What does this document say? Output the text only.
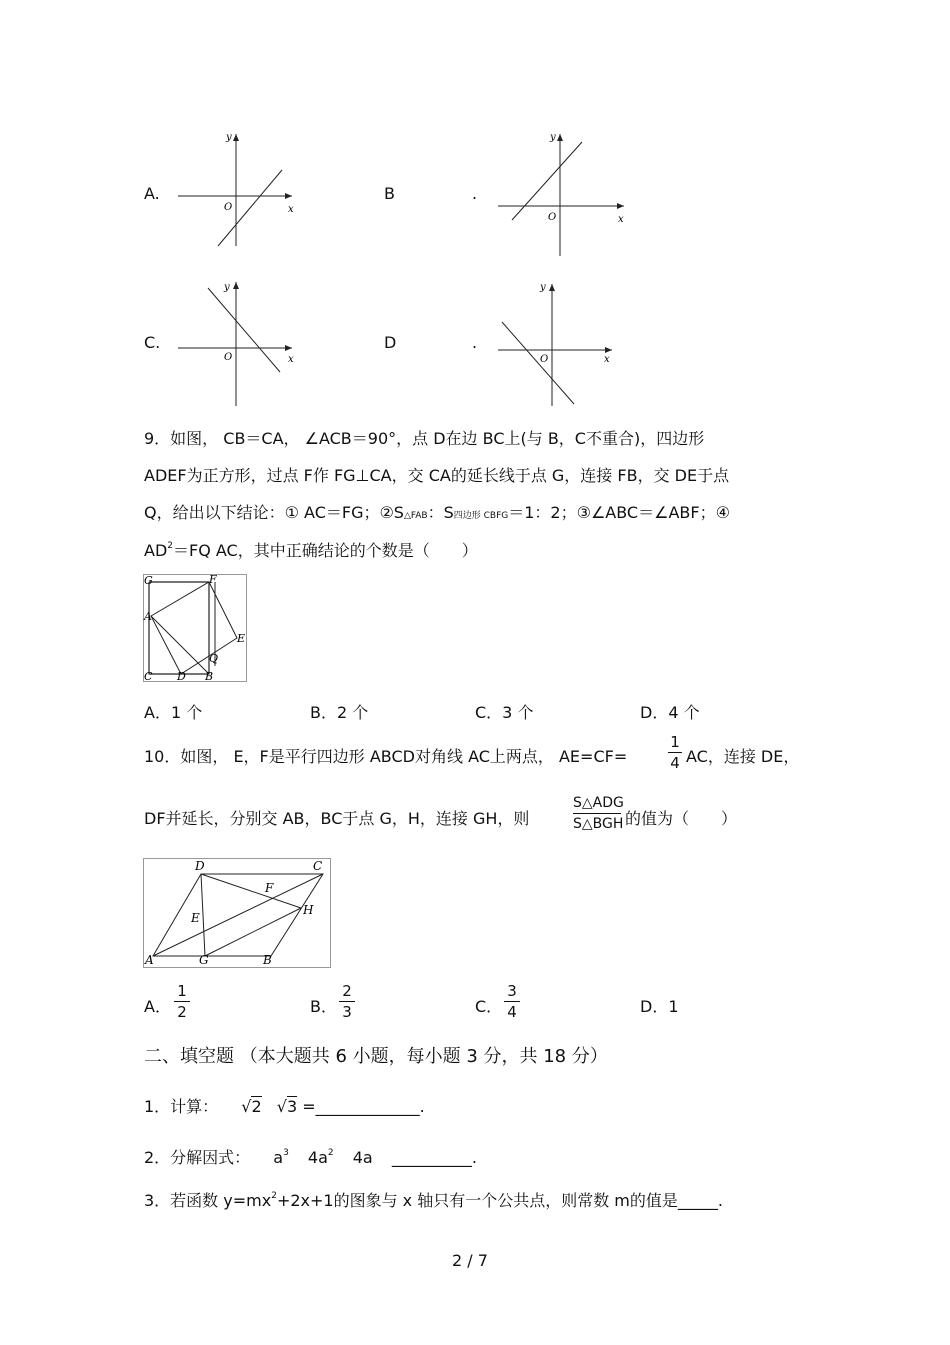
A.
y
x
O
B	.
y
x
O
C.
y
x
O
D	.
y
x
O
9．如图， CB＝CA， ∠ACB＝90°，点 D在边 BC上(与 B，C不重合)，四边形
ADEF为正方形，过点 F作 FG⊥CA，交 CA的延长线于点 G，连接 FB，交 DE于点
Q，给出以下结论：① AC＝FG；②S△FAB：S四边形 CBFG＝1：2；③∠ABC＝∠ABF；④
$AD^2=FQ$ AC，其中正确结论的个数是（　　）
G	F
A
E
Q
C D B
A．1 个	B．2 个	C．3 个	D．4 个
10．如图， E，F是平行四边形 ABCD对角线 AC上两点， AE=CF=
1
4 AC，连接 DE，
DF并延长，分别交 AB，BC于点 G，H，连接 GH，则
S△ADG
S△BGH 的值为（　　）
D	C
F
H
E
A	G	B
A．
1
2	B．
2
3	C．
3
4	D．1
二、填空题 （本大题共 6 小题，每小题 3 分，共 18 分）
1．计算： √2 √3 =_____________.
2．分解因式： $a^3$ $4a^2$ 4a __________.
3．若函数 $y=mx^2+2x+1$的图象与 x 轴只有一个公共点，则常数 m的值是_____.
2 / 7
